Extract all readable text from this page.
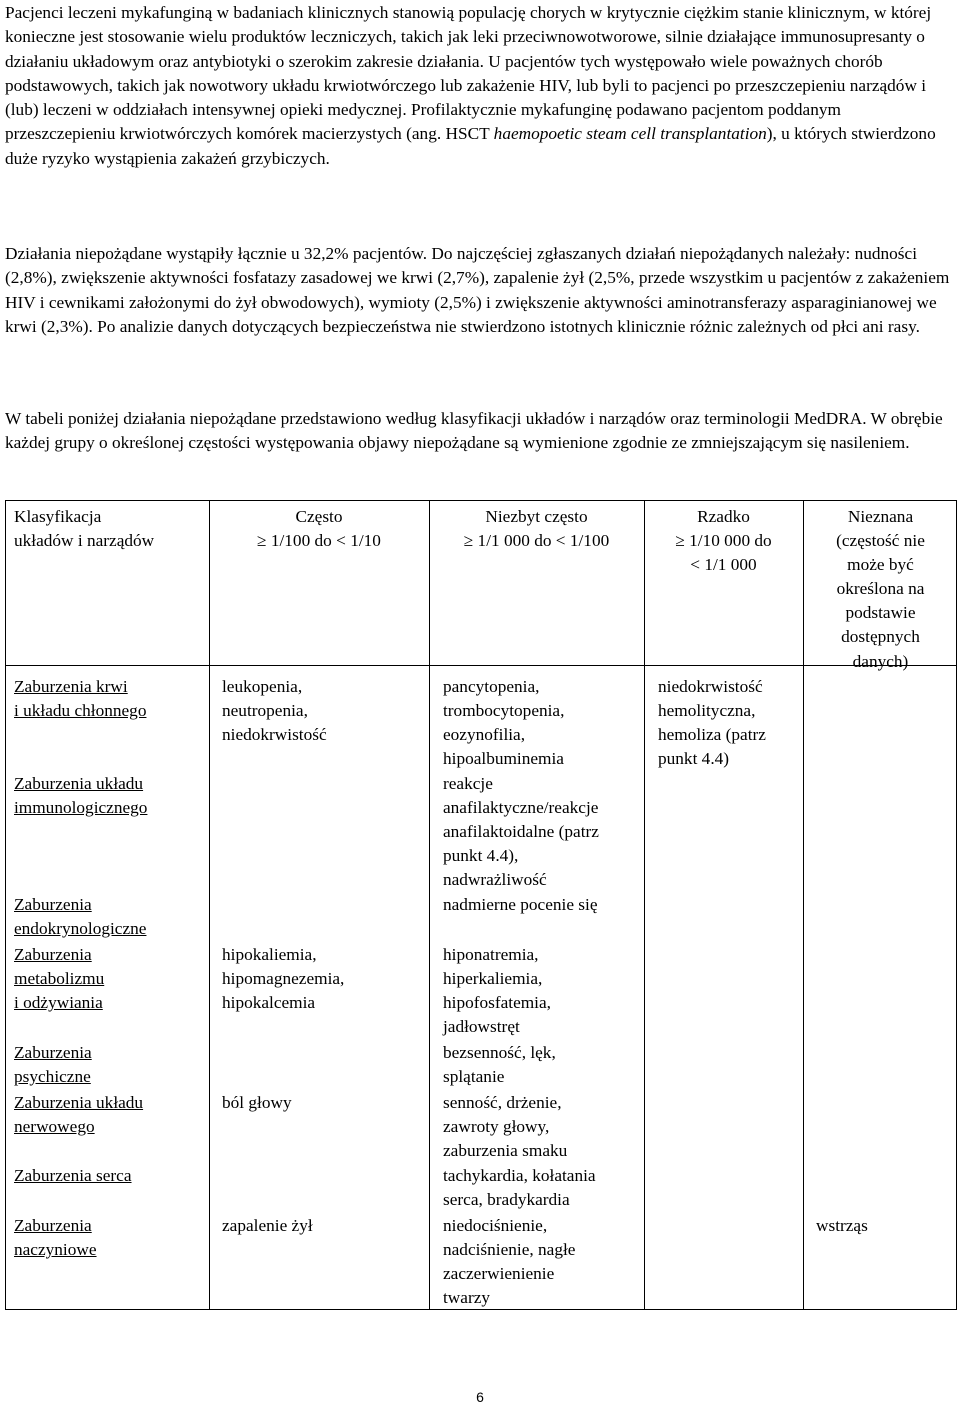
Pacjenci leczeni mykafunginą w badaniach klinicznych stanowią populację chorych w krytycznie ciężkim stanie klinicznym, w której konieczne jest stosowanie wielu produktów leczniczych, takich jak leki przeciwnowotworowe, silnie działające immunosupresanty o działaniu układowym oraz antybiotyki o szerokim zakresie działania. U pacjentów tych występowało wiele poważnych chorób podstawowych, takich jak nowotwory układu krwiotwórczego lub zakażenie HIV, lub byli to pacjenci po przeszczepieniu narządów i (lub) leczeni w oddziałach intensywnej opieki medycznej. Profilaktycznie mykafunginę podawano pacjentom poddanym przeszczepieniu krwiotwórczych komórek macierzystych (ang. HSCT haemopoetic steam cell transplantation), u których stwierdzono duże ryzyko wystąpienia zakażeń grzybiczych.

Działania niepożądane wystąpiły łącznie u 32,2% pacjentów. Do najczęściej zgłaszanych działań niepożądanych należały: nudności (2,8%), zwiększenie aktywności fosfatazy zasadowej we krwi (2,7%), zapalenie żył (2,5%, przede wszystkim u pacjentów z zakażeniem HIV i cewnikami założonymi do żył obwodowych), wymioty (2,5%) i zwiększenie aktywności aminotransferazy asparaginianowej we krwi (2,3%). Po analizie danych dotyczących bezpieczeństwa nie stwierdzono istotnych klinicznie różnic zależnych od płci ani rasy.

W tabeli poniżej działania niepożądane przedstawiono według klasyfikacji układów i narządów oraz terminologii MedDRA. W obrębie każdej grupy o określonej częstości występowania objawy niepożądane są wymienione zgodnie ze zmniejszającym się nasileniem.

Klasyfikacja
układów i narządów
Często
≥ 1/100 do < 1/10
Niezbyt często
≥ 1/1 000 do < 1/100
Rzadko
≥ 1/10 000 do
< 1/1 000
Nieznana
(częstość nie
może być
określona na
podstawie
dostępnych
danych)
Zaburzenia krwi
i układu chłonnego
Zaburzenia układu
immunologicznego
Zaburzenia
endokrynologiczne
Zaburzenia
metabolizmu
i odżywiania
Zaburzenia
psychiczne
Zaburzenia układu
nerwowego
Zaburzenia serca
Zaburzenia
naczyniowe
leukopenia,
neutropenia,
niedokrwistość
hipokaliemia,
hipomagnezemia,
hipokalcemia
ból głowy
zapalenie żył
pancytopenia,
trombocytopenia,
eozynofilia,
hipoalbuminemia
reakcje
anafilaktyczne/reakcje
anafilaktoidalne (patrz
punkt 4.4),
nadwrażliwość
nadmierne pocenie się
hiponatremia,
hiperkaliemia,
hipofosfatemia,
jadłowstręt
bezsenność, lęk,
splątanie
senność, drżenie,
zawroty głowy,
zaburzenia smaku
tachykardia, kołatania
serca, bradykardia
niedociśnienie,
nadciśnienie, nagłe
zaczerwienienie
twarzy
niedokrwistość
hemolityczna,
hemoliza (patrz
punkt 4.4)
wstrząs
6
